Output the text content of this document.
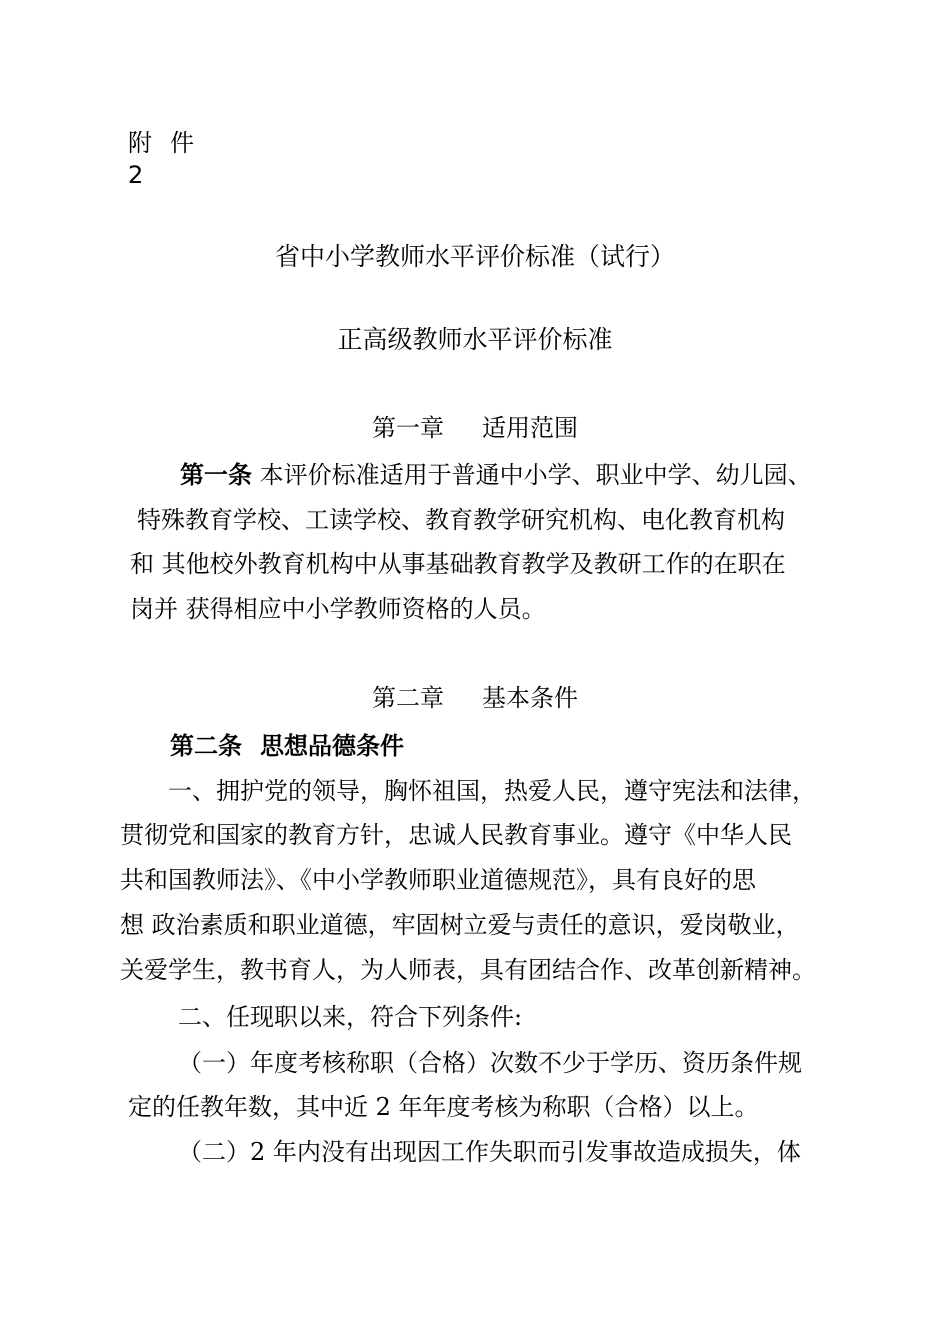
附 件
2
省中小学教师水平评价标准（试行）
正高级教师水平评价标准
第一章 适用范围
第一条 本评价标准适用于普通中小学、职业中学、幼儿园、
特殊教育学校、工读学校、教育教学研究机构、电化教育机构
和 其他校外教育机构中从事基础教育教学及教研工作的在职在
岗并 获得相应中小学教师资格的人员。
第二章 基本条件
第二条 思想品德条件
一、拥护党的领导，胸怀祖国，热爱人民，遵守宪法和法律，
贯彻党和国家的教育方针，忠诚人民教育事业。遵守《中华人民
共和国教师法》、《中小学教师职业道德规范》，具有良好的思
想 政治素质和职业道德，牢固树立爱与责任的意识，爱岗敬业，
关爱学生，教书育人，为人师表，具有团结合作、改革创新精神。
二、任现职以来，符合下列条件:
（一）年度考核称职（合格）次数不少于学历、资历条件规
定的任教年数，其中近 2 年年度考核为称职（合格）以上。
（二）2 年内没有出现因工作失职而引发事故造成损失，体
